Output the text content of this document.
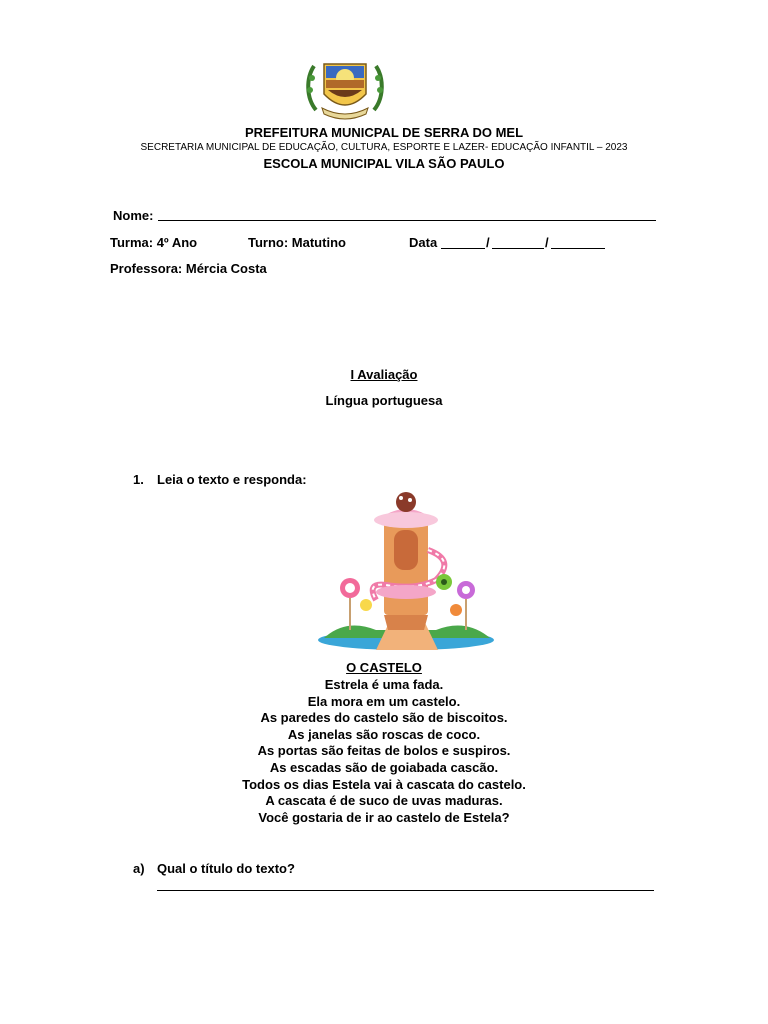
PREFEITURA MUNICPAL DE SERRA DO MEL
SECRETARIA MUNICIPAL DE EDUCAÇÃO, CULTURA, ESPORTE E LAZER- EDUCAÇÃO INFANTIL – 2023
ESCOLA MUNICIPAL VILA SÃO PAULO
Nome:
Turma: 4º Ano	Turno: Matutino	Data	/	/
Professora: Mércia Costa
I Avaliação
Língua portuguesa
1. Leia o texto e responda:
O CASTELO
Estrela é uma fada.
Ela mora em um castelo.
As paredes do castelo são de biscoitos.
As janelas são roscas de coco.
As portas são feitas de bolos e suspiros.
As escadas são de goiabada cascão.
Todos os dias Estela vai à cascata do castelo.
A cascata é de suco de uvas maduras.
Você gostaria de ir ao castelo de Estela?
a) Qual o título do texto?
